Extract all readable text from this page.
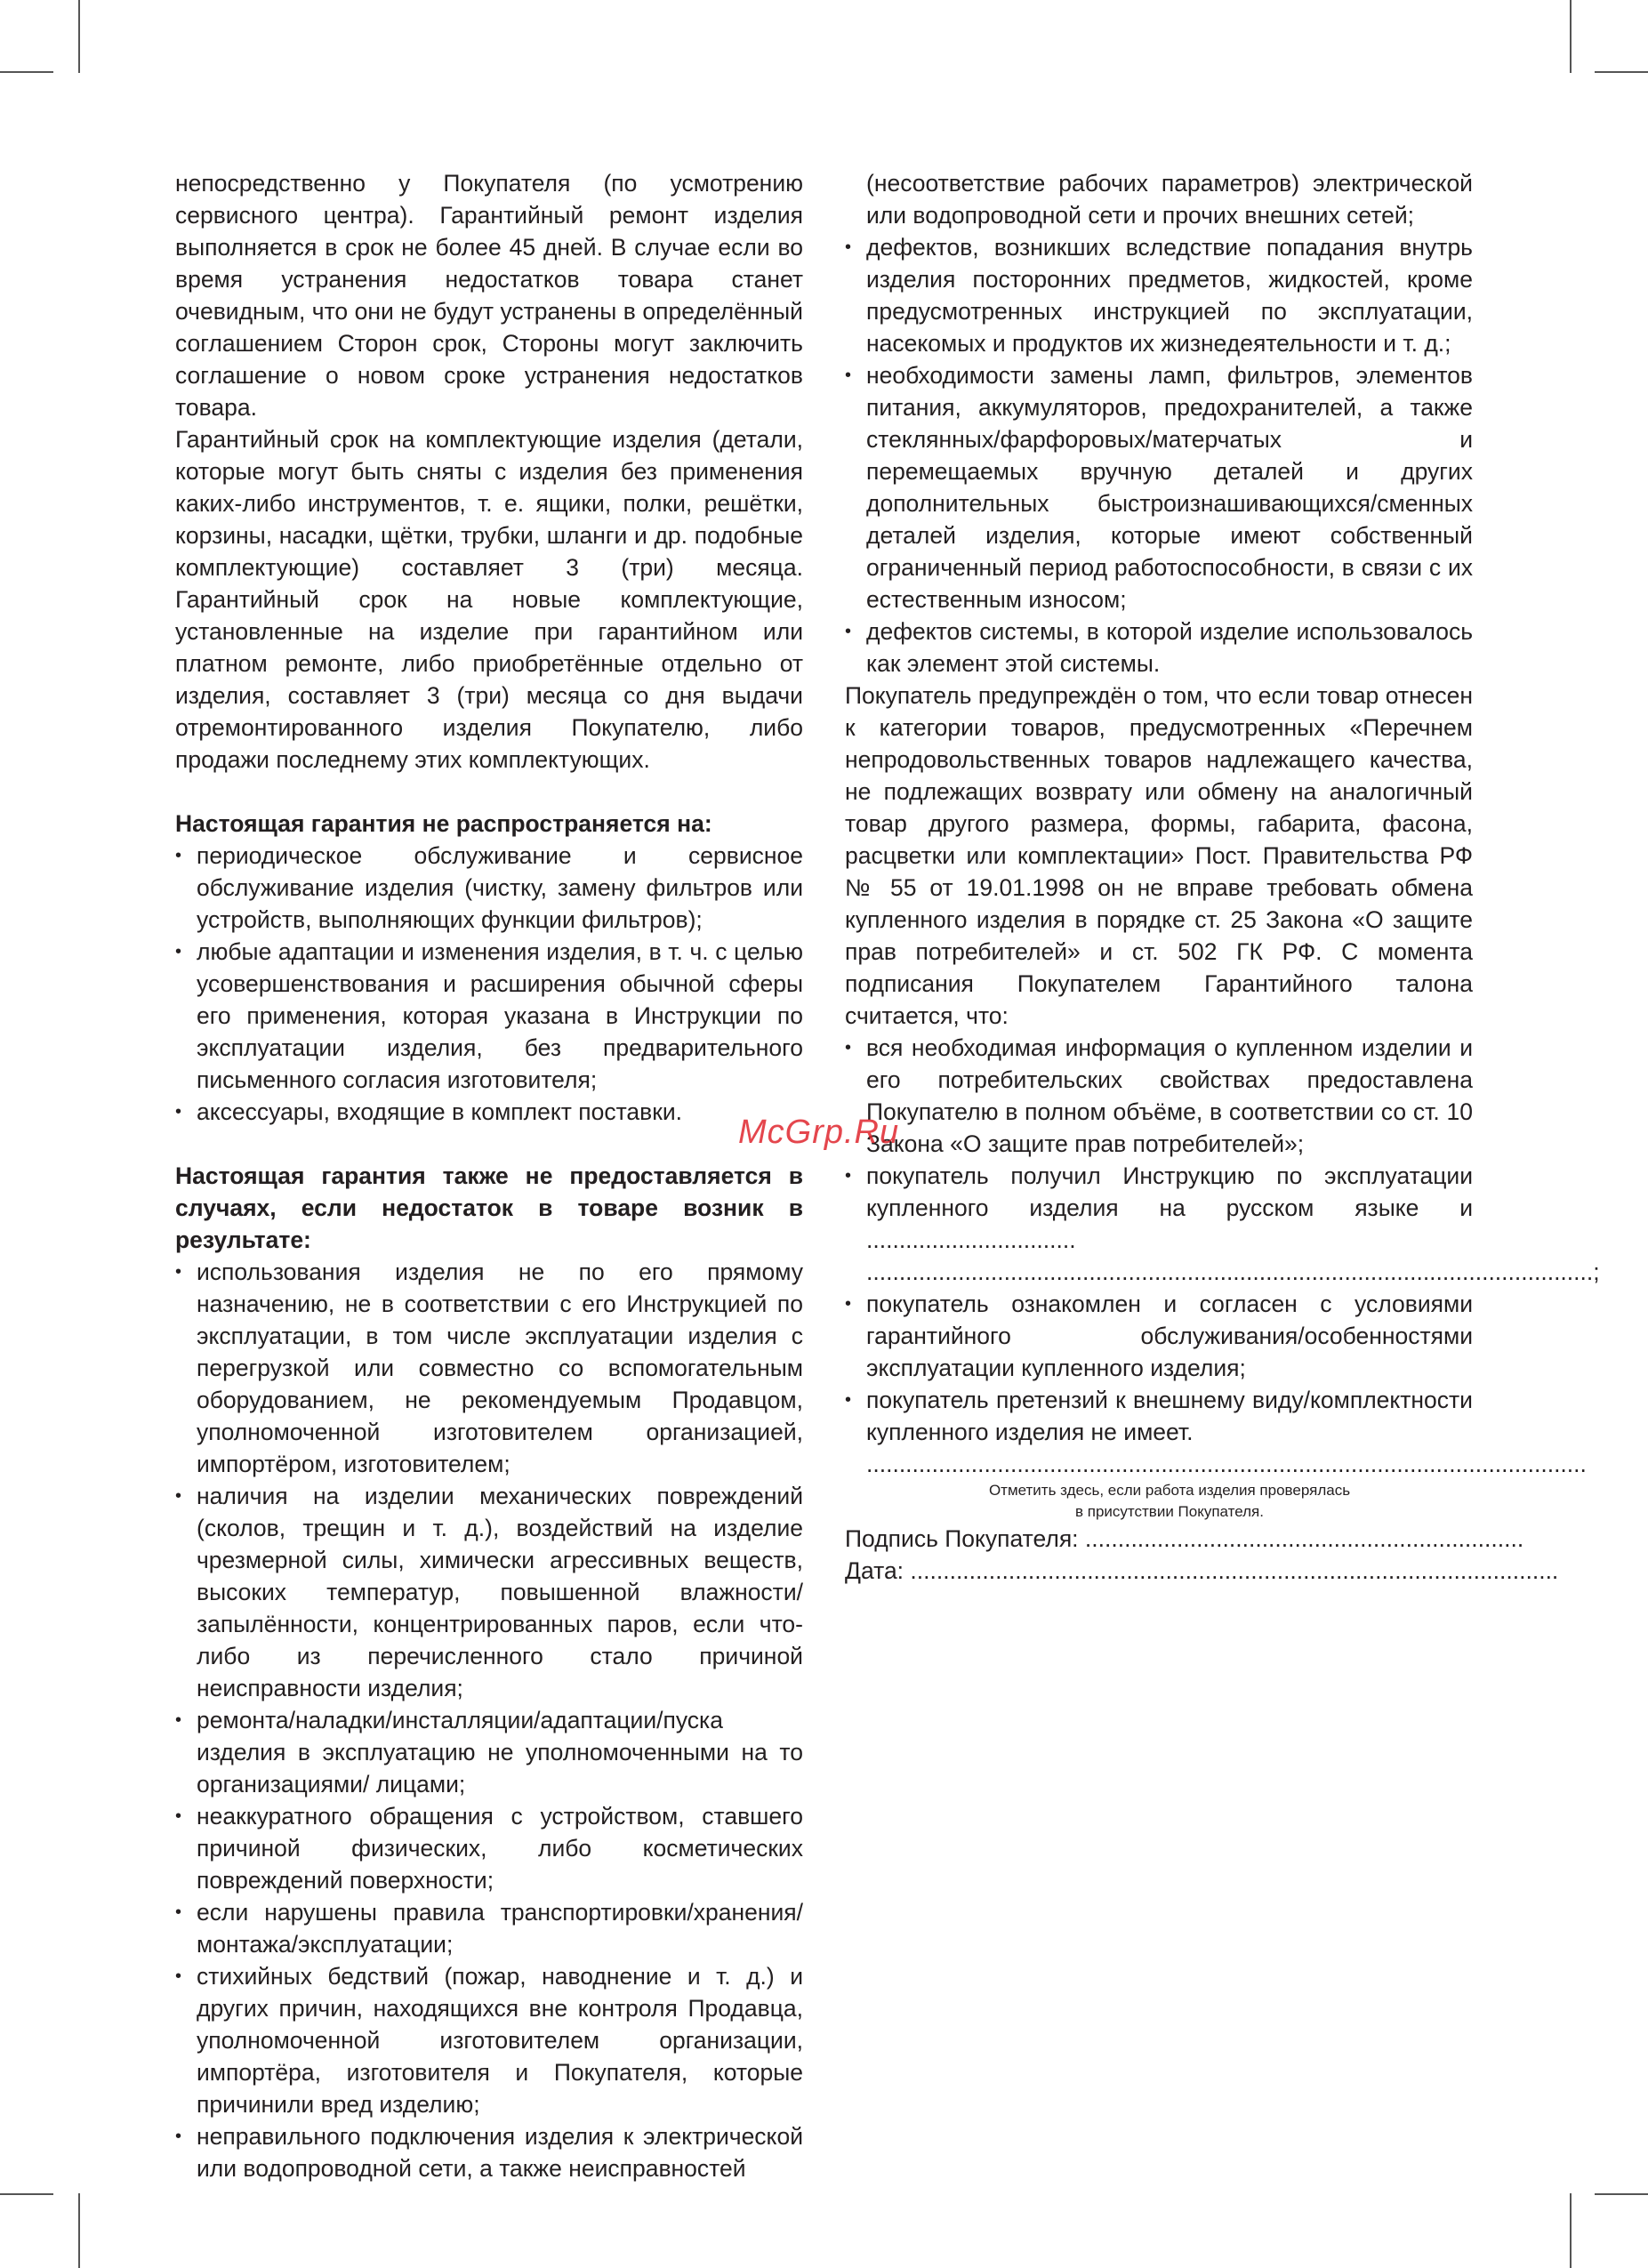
непосредственно у Покупателя (по усмотрению сервисного центра). Гарантийный ремонт изделия выполняется в срок не более 45 дней. В случае если во время устранения недостатков товара станет очевидным, что они не будут устранены в определённый соглашением Сторон срок, Стороны могут заключить соглашение о новом сроке устранения недостатков товара.

Гарантийный срок на комплектующие изделия (детали, которые могут быть сняты с изделия без применения каких-либо инструментов, т. е. ящики, полки, решётки, корзины, насадки, щётки, трубки, шланги и др. подобные комплектующие) составляет 3 (три) месяца. Гарантийный срок на новые комплектующие, установленные на изделие при гарантийном или платном ремонте, либо приобретённые отдельно от изделия, составляет 3 (три) месяца со дня выдачи отремонтированного изделия Покупателю, либо продажи последнему этих комплектующих.

Настоящая гарантия не распространяется на:

• периодическое обслуживание и сервисное обслуживание изделия (чистку, замену фильтров или устройств, выполняющих функции фильтров);
• любые адаптации и изменения изделия, в т. ч. с целью усовершенствования и расширения обычной сферы его применения, которая указана в Инструкции по эксплуатации изделия, без предварительного письменного согласия изготовителя;
• аксессуары, входящие в комплект поставки.

Настоящая гарантия также не предоставляется в случаях, если недостаток в товаре возник в результате:

• использования изделия не по его прямому назначению, не в соответствии с его Инструкцией по эксплуатации, в том числе эксплуатации изделия с перегрузкой или совместно со вспомогательным оборудованием, не рекомендуемым Продавцом, уполномоченной изготовителем организацией, импортёром, изготовителем;
• наличия на изделии механических повреждений (сколов, трещин и т. д.), воздействий на изделие чрезмерной силы, химически агрессивных веществ, высоких температур, повышенной влажности/запылённости, концентрированных паров, если что-либо из перечисленного стало причиной неисправности изделия;
• ремонта/наладки/инсталляции/адаптации/пуска изделия в эксплуатацию не уполномоченными на то организациями/ лицами;
• неаккуратного обращения с устройством, ставшего причиной физических, либо косметических повреждений поверхности;
• если нарушены правила транспортировки/хранения/ монтажа/эксплуатации;
• стихийных бедствий (пожар, наводнение и т. д.) и других причин, находящихся вне контроля Продавца, уполномоченной изготовителем организации, импортёра, изготовителя и Покупателя, которые причинили вред изделию;
• неправильного подключения изделия к электрической или водопроводной сети, а также неисправностей

(несоответствие рабочих параметров) электрической или водопроводной сети и прочих внешних сетей;

• дефектов, возникших вследствие попадания внутрь изделия посторонних предметов, жидкостей, кроме предусмотренных инструкцией по эксплуатации, насекомых и продуктов их жизнедеятельности и т. д.;
• необходимости замены ламп, фильтров, элементов питания, аккумуляторов, предохранителей, а также стеклянных/фарфоровых/матерчатых и перемещаемых вручную деталей и других дополнительных быстроизнашивающихся/сменных деталей изделия, которые имеют собственный ограниченный период работоспособности, в связи с их естественным износом;
• дефектов системы, в которой изделие использовалось как элемент этой системы.

Покупатель предупреждён о том, что если товар отнесен к категории товаров, предусмотренных «Перечнем непродовольственных товаров надлежащего качества, не подлежащих возврату или обмену на аналогичный товар другого размера, формы, габарита, фасона, расцветки или комплектации» Пост. Правительства РФ № 55 от 19.01.1998 он не вправе требовать обмена купленного изделия в порядке ст. 25 Закона «О защите прав потребителей» и ст. 502 ГК РФ. С момента подписания Покупателем Гарантийного талона считается, что:

• вся необходимая информация о купленном изделии и его потребительских свойствах предоставлена Покупателю в полном объёме, в соответствии со ст. 10 Закона «О защите прав потребителей»;
• покупатель получил Инструкцию по эксплуатации купленного изделия на русском языке и ................................
...............................................................................................................;
• покупатель ознакомлен и согласен с условиями гарантийного обслуживания/особенностями эксплуатации купленного изделия;
• покупатель претензий к внешнему виду/комплектности купленного изделия не имеет.
..............................................................................................................

Отметить здесь, если работа изделия проверялась

в присутствии Покупателя.

Подпись Покупателя: ...................................................................

Дата: ...................................................................................................

McGrp.Ru
